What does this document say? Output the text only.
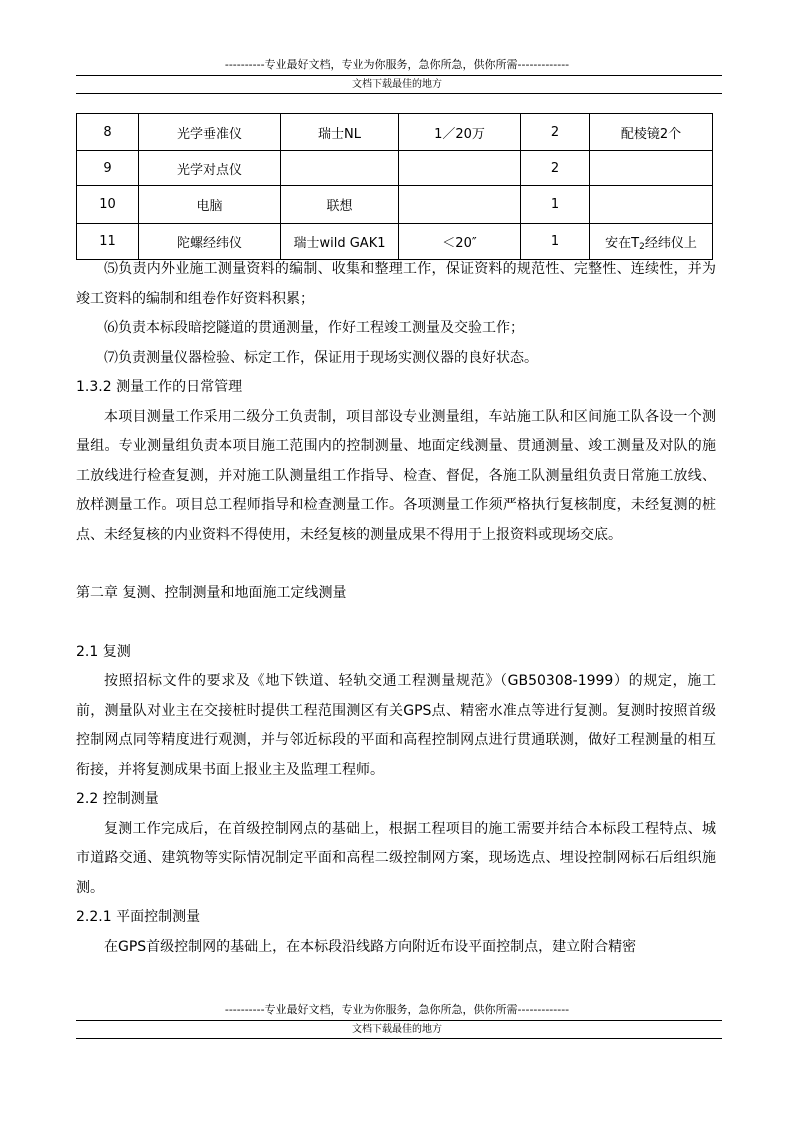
----------专业最好文档，专业为你服务，急你所急，供你所需-------------
文档下载最佳的地方
8	光学垂准仪	瑞士NL	1／20万	2	配棱镜2个
9	光学对点仪			2	
10	电脑	联想		1	
11	陀螺经纬仪	瑞士wild GAK1	＜20″	1	安在$T_2$经纬仪上

⑸负责内外业施工测量资料的编制、收集和整理工作，保证资料的规范性、完整性、连续性，并为竣工资料的编制和组卷作好资料积累；

⑹负责本标段暗挖隧道的贯通测量，作好工程竣工测量及交验工作；

⑺负责测量仪器检验、标定工作，保证用于现场实测仪器的良好状态。

1.3.2 测量工作的日常管理

本项目测量工作采用二级分工负责制，项目部设专业测量组，车站施工队和区间施工队各设一个测量组。专业测量组负责本项目施工范围内的控制测量、地面定线测量、贯通测量、竣工测量及对队的施工放线进行检查复测，并对施工队测量组工作指导、检查、督促，各施工队测量组负责日常施工放线、放样测量工作。项目总工程师指导和检查测量工作。各项测量工作须严格执行复核制度，未经复测的桩点、未经复核的内业资料不得使用，未经复核的测量成果不得用于上报资料或现场交底。

第二章 复测、控制测量和地面施工定线测量

2.1 复测

按照招标文件的要求及《地下铁道、轻轨交通工程测量规范》（GB50308-1999）的规定，施工前，测量队对业主在交接桩时提供工程范围测区有关GPS点、精密水准点等进行复测。复测时按照首级控制网点同等精度进行观测，并与邻近标段的平面和高程控制网点进行贯通联测，做好工程测量的相互衔接，并将复测成果书面上报业主及监理工程师。

2.2 控制测量

复测工作完成后，在首级控制网点的基础上，根据工程项目的施工需要并结合本标段工程特点、城市道路交通、建筑物等实际情况制定平面和高程二级控制网方案，现场选点、埋设控制网标石后组织施测。

2.2.1 平面控制测量

在GPS首级控制网的基础上，在本标段沿线路方向附近布设平面控制点，建立附合精密

----------专业最好文档，专业为你服务，急你所急，供你所需-------------
文档下载最佳的地方
